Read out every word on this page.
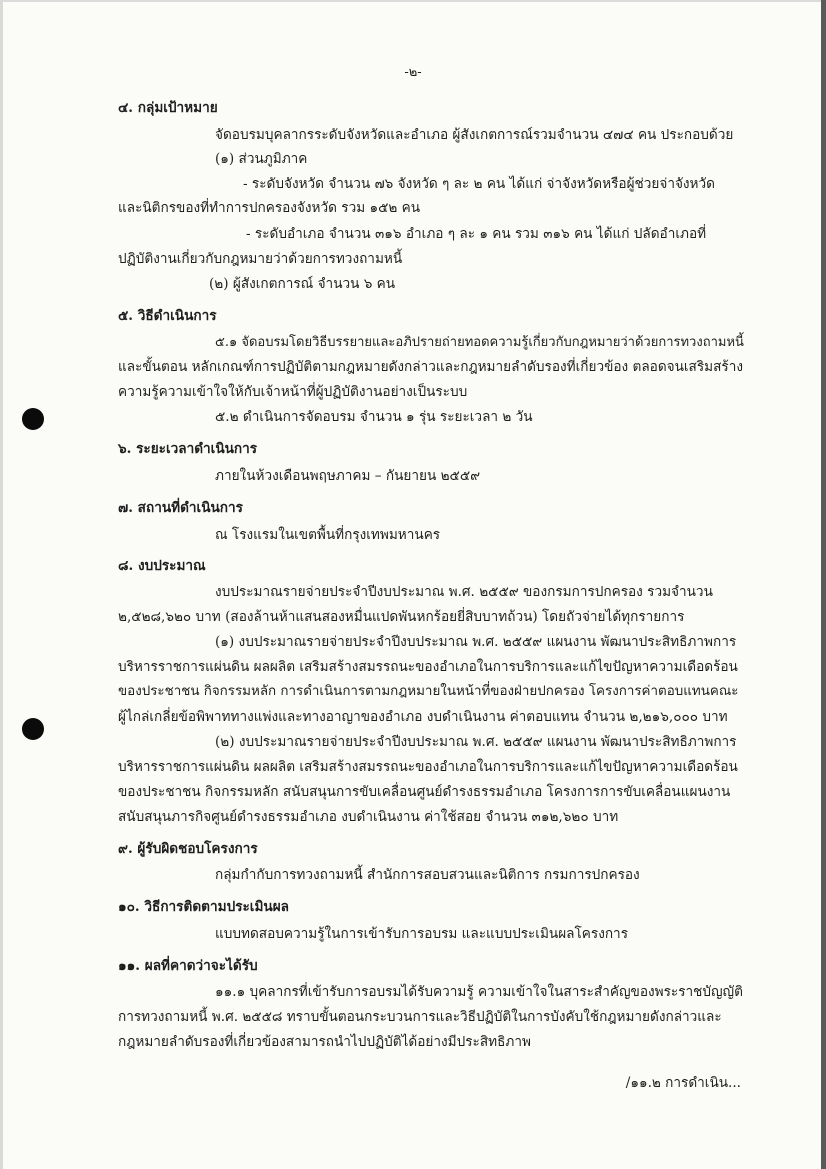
-๒-
๔. กลุ่มเป้าหมาย
จัดอบรมบุคลากรระดับจังหวัดและอำเภอ ผู้สังเกตการณ์รวมจำนวน ๔๗๔ คน ประกอบด้วย
(๑) ส่วนภูมิภาค
- ระดับจังหวัด จำนวน ๗๖ จังหวัด ๆ ละ ๒ คน ได้แก่ จ่าจังหวัดหรือผู้ช่วยจ่าจังหวัด
และนิติกรของที่ทำการปกครองจังหวัด รวม ๑๕๒ คน
- ระดับอำเภอ จำนวน ๓๑๖ อำเภอ ๆ ละ ๑ คน รวม ๓๑๖ คน ได้แก่ ปลัดอำเภอที่
ปฏิบัติงานเกี่ยวกับกฎหมายว่าด้วยการทวงถามหนี้
(๒) ผู้สังเกตการณ์ จำนวน ๖ คน
๕. วิธีดำเนินการ
๕.๑ จัดอบรมโดยวิธีบรรยายและอภิปรายถ่ายทอดความรู้เกี่ยวกับกฎหมายว่าด้วยการทวงถามหนี้
และขั้นตอน หลักเกณฑ์การปฏิบัติตามกฎหมายดังกล่าวและกฎหมายลำดับรองที่เกี่ยวข้อง ตลอดจนเสริมสร้าง
ความรู้ความเข้าใจให้กับเจ้าหน้าที่ผู้ปฏิบัติงานอย่างเป็นระบบ
๕.๒ ดำเนินการจัดอบรม จำนวน ๑ รุ่น ระยะเวลา ๒ วัน
๖. ระยะเวลาดำเนินการ
ภายในห้วงเดือนพฤษภาคม – กันยายน ๒๕๕๙
๗. สถานที่ดำเนินการ
ณ โรงแรมในเขตพื้นที่กรุงเทพมหานคร
๘. งบประมาณ
งบประมาณรายจ่ายประจำปีงบประมาณ พ.ศ. ๒๕๕๙ ของกรมการปกครอง รวมจำนวน
๒,๕๒๘,๖๒๐ บาท (สองล้านห้าแสนสองหมื่นแปดพันหกร้อยยี่สิบบาทถ้วน) โดยถัวจ่ายได้ทุกรายการ
(๑) งบประมาณรายจ่ายประจำปีงบประมาณ พ.ศ. ๒๕๕๙ แผนงาน พัฒนาประสิทธิภาพการ
บริหารราชการแผ่นดิน ผลผลิต เสริมสร้างสมรรถนะของอำเภอในการบริการและแก้ไขปัญหาความเดือดร้อน
ของประชาชน กิจกรรมหลัก การดำเนินการตามกฎหมายในหน้าที่ของฝ่ายปกครอง โครงการค่าตอบแทนคณะ
ผู้ไกล่เกลี่ยข้อพิพาททางแพ่งและทางอาญาของอำเภอ งบดำเนินงาน ค่าตอบแทน จำนวน ๒,๒๑๖,๐๐๐ บาท
(๒) งบประมาณรายจ่ายประจำปีงบประมาณ พ.ศ. ๒๕๕๙ แผนงาน พัฒนาประสิทธิภาพการ
บริหารราชการแผ่นดิน ผลผลิต เสริมสร้างสมรรถนะของอำเภอในการบริการและแก้ไขปัญหาความเดือดร้อน
ของประชาชน กิจกรรมหลัก สนับสนุนการขับเคลื่อนศูนย์ดำรงธรรมอำเภอ โครงการการขับเคลื่อนแผนงาน
สนับสนุนภารกิจศูนย์ดำรงธรรมอำเภอ งบดำเนินงาน ค่าใช้สอย จำนวน ๓๑๒,๖๒๐ บาท
๙. ผู้รับผิดชอบโครงการ
กลุ่มกำกับการทวงถามหนี้ สำนักการสอบสวนและนิติการ กรมการปกครอง
๑๐. วิธีการติดตามประเมินผล
แบบทดสอบความรู้ในการเข้ารับการอบรม และแบบประเมินผลโครงการ
๑๑. ผลที่คาดว่าจะได้รับ
๑๑.๑ บุคลากรที่เข้ารับการอบรมได้รับความรู้ ความเข้าใจในสาระสำคัญของพระราชบัญญัติ
การทวงถามหนี้ พ.ศ. ๒๕๕๘ ทราบขั้นตอนกระบวนการและวิธีปฏิบัติในการบังคับใช้กฎหมายดังกล่าวและ
กฎหมายลำดับรองที่เกี่ยวข้องสามารถนำไปปฏิบัติได้อย่างมีประสิทธิภาพ
/๑๑.๒ การดำเนิน...
